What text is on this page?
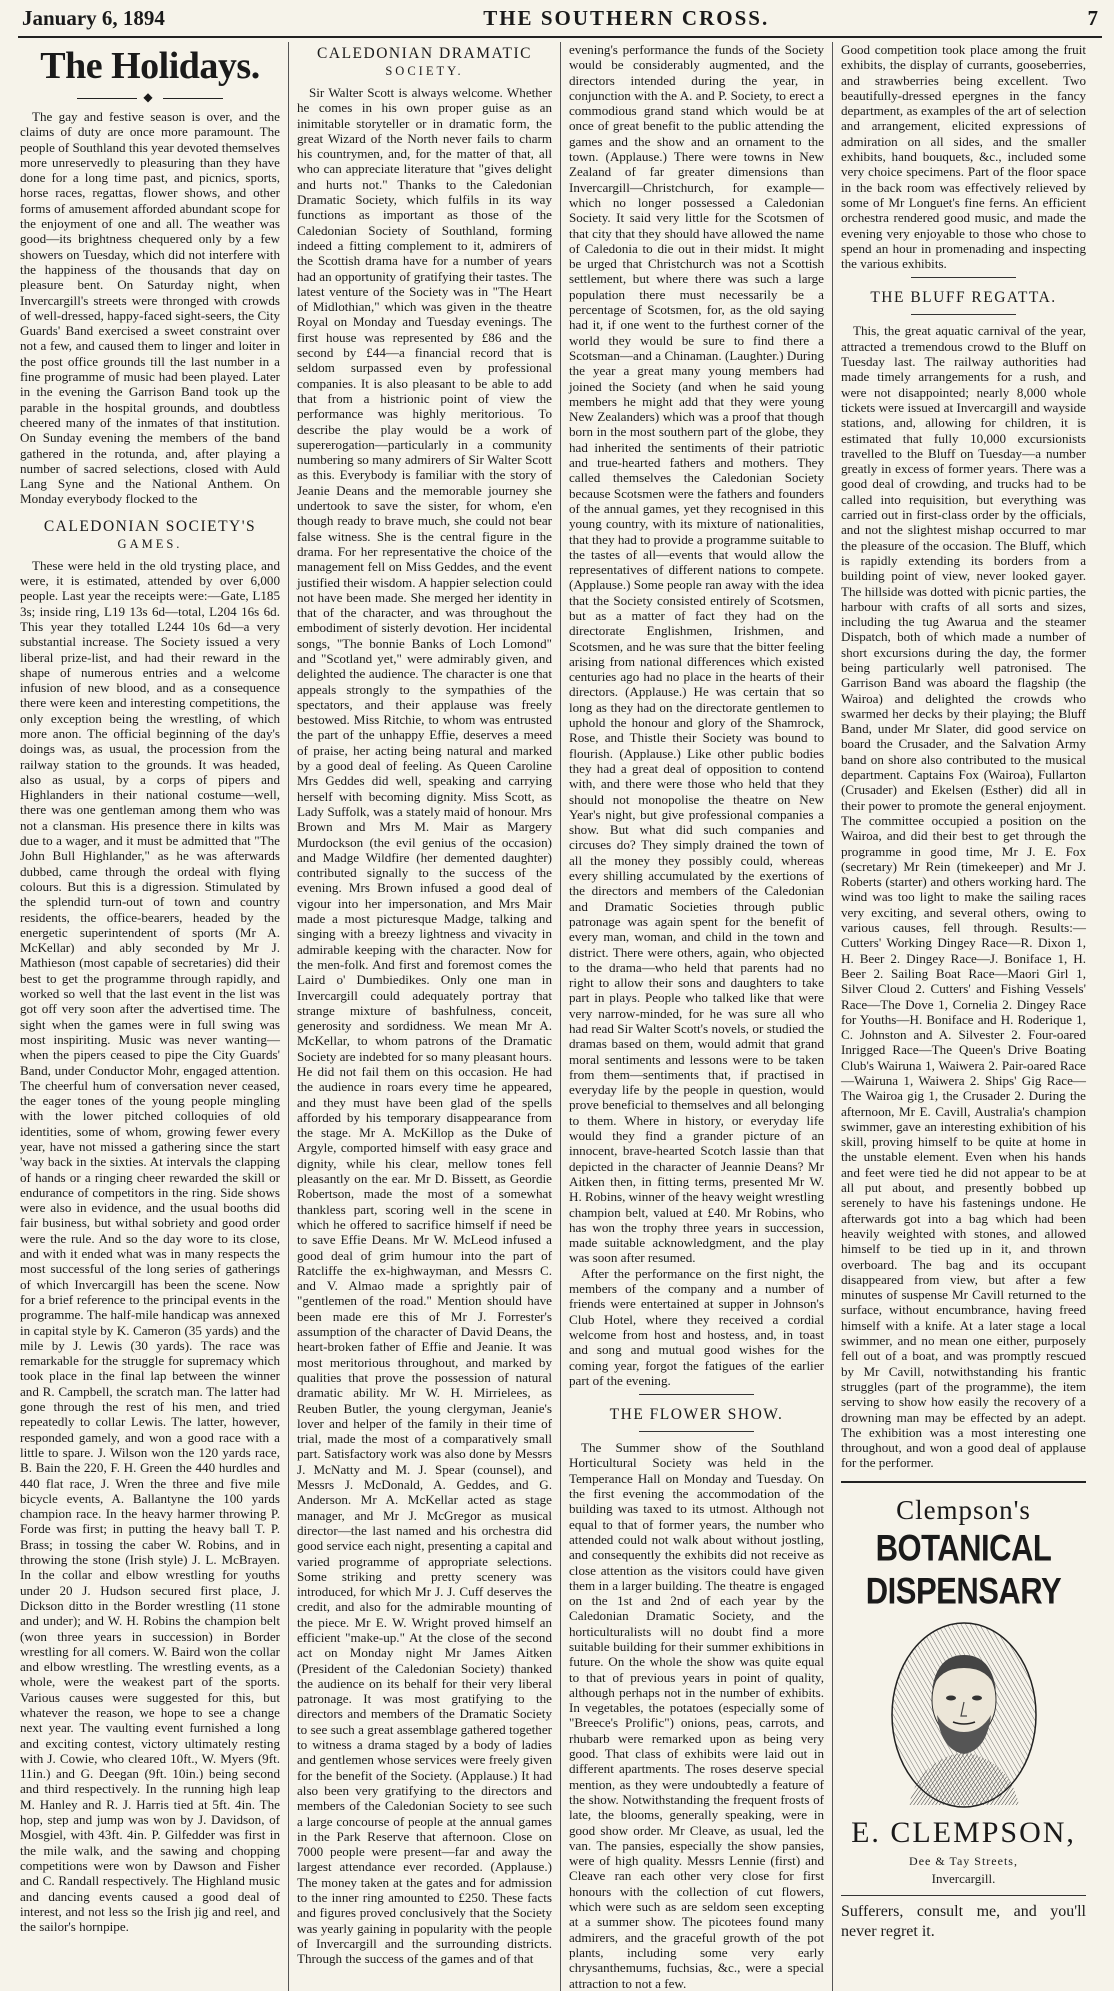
January 6, 1894	THE SOUTHERN CROSS.	7
The Holidays.
◆

The gay and festive season is over, and the claims of duty are once more paramount. The people of Southland this year devoted themselves more unreservedly to pleasuring than they have done for a long time past, and picnics, sports, horse races, regattas, flower shows, and other forms of amusement afforded abundant scope for the enjoyment of one and all. The weather was good—its brightness chequered only by a few showers on Tuesday, which did not interfere with the happiness of the thousands that day on pleasure bent. On Saturday night, when Invercargill's streets were thronged with crowds of well-dressed, happy-faced sight-seers, the City Guards' Band exercised a sweet constraint over not a few, and caused them to linger and loiter in the post office grounds till the last number in a fine programme of music had been played. Later in the evening the Garrison Band took up the parable in the hospital grounds, and doubtless cheered many of the inmates of that institution. On Sunday evening the members of the band gathered in the rotunda, and, after playing a number of sacred selections, closed with Auld Lang Syne and the National Anthem. On Monday everybody flocked to the

CALEDONIAN SOCIETY'S
GAMES.

These were held in the old trysting place, and were, it is estimated, attended by over 6,000 people. Last year the receipts were:—Gate, L185 3s; inside ring, L19 13s 6d—total, L204 16s 6d. This year they totalled L244 10s 6d—a very substantial increase. The Society issued a very liberal prize-list, and had their reward in the shape of numerous entries and a welcome infusion of new blood, and as a consequence there were keen and interesting competitions, the only exception being the wrestling, of which more anon. The official beginning of the day's doings was, as usual, the procession from the railway station to the grounds. It was headed, also as usual, by a corps of pipers and Highlanders in their national costume—well, there was one gentleman among them who was not a clansman. His presence there in kilts was due to a wager, and it must be admitted that "The John Bull Highlander," as he was afterwards dubbed, came through the ordeal with flying colours. But this is a digression. Stimulated by the splendid turn-out of town and country residents, the office-bearers, headed by the energetic superintendent of sports (Mr A. McKellar) and ably seconded by Mr J. Mathieson (most capable of secretaries) did their best to get the programme through rapidly, and worked so well that the last event in the list was got off very soon after the advertised time. The sight when the games were in full swing was most inspiriting. Music was never wanting—when the pipers ceased to pipe the City Guards' Band, under Conductor Mohr, engaged attention. The cheerful hum of conversation never ceased, the eager tones of the young people mingling with the lower pitched colloquies of old identities, some of whom, growing fewer every year, have not missed a gathering since the start 'way back in the sixties. At intervals the clapping of hands or a ringing cheer rewarded the skill or endurance of competitors in the ring. Side shows were also in evidence, and the usual booths did fair business, but withal sobriety and good order were the rule. And so the day wore to its close, and with it ended what was in many respects the most successful of the long series of gatherings of which Invercargill has been the scene. Now for a brief reference to the principal events in the programme. The half-mile handicap was annexed in capital style by K. Cameron (35 yards) and the mile by J. Lewis (30 yards). The race was remarkable for the struggle for supremacy which took place in the final lap between the winner and R. Campbell, the scratch man. The latter had gone through the rest of his men, and tried repeatedly to collar Lewis. The latter, however, responded gamely, and won a good race with a little to spare. J. Wilson won the 120 yards race, B. Bain the 220, F. H. Green the 440 hurdles and 440 flat race, J. Wren the three and five mile bicycle events, A. Ballantyne the 100 yards champion race. In the heavy harmer throwing P. Forde was first; in putting the heavy ball T. P. Brass; in tossing the caber W. Robins, and in throwing the stone (Irish style) J. L. McBrayen. In the collar and elbow wrestling for youths under 20 J. Hudson secured first place, J. Dickson ditto in the Border wrestling (11 stone and under); and W. H. Robins the champion belt (won three years in succession) in Border wrestling for all comers. W. Baird won the collar and elbow wrestling. The wrestling events, as a whole, were the weakest part of the sports. Various causes were suggested for this, but whatever the reason, we hope to see a change next year. The vaulting event furnished a long and exciting contest, victory ultimately resting with J. Cowie, who cleared 10ft., W. Myers (9ft. 11in.) and G. Deegan (9ft. 10in.) being second and third respectively. In the running high leap M. Hanley and R. J. Harris tied at 5ft. 4in. The hop, step and jump was won by J. Davidson, of Mosgiel, with 43ft. 4in. P. Gilfedder was first in the mile walk, and the sawing and chopping competitions were won by Dawson and Fisher and C. Randall respectively. The Highland music and dancing events caused a good deal of interest, and not less so the Irish jig and reel, and the sailor's hornpipe.

CALEDONIAN DRAMATIC
SOCIETY.

Sir Walter Scott is always welcome. Whether he comes in his own proper guise as an inimitable storyteller or in dramatic form, the great Wizard of the North never fails to charm his countrymen, and, for the matter of that, all who can appreciate literature that "gives delight and hurts not." Thanks to the Caledonian Dramatic Society, which fulfils in its way functions as important as those of the Caledonian Society of Southland, forming indeed a fitting complement to it, admirers of the Scottish drama have for a number of years had an opportunity of gratifying their tastes. The latest venture of the Society was in "The Heart of Midlothian," which was given in the theatre Royal on Monday and Tuesday evenings. The first house was represented by £86 and the second by £44—a financial record that is seldom surpassed even by professional companies. It is also pleasant to be able to add that from a histrionic point of view the performance was highly meritorious. To describe the play would be a work of supererogation—particularly in a community numbering so many admirers of Sir Walter Scott as this. Everybody is familiar with the story of Jeanie Deans and the memorable journey she undertook to save the sister, for whom, e'en though ready to brave much, she could not bear false witness. She is the central figure in the drama. For her representative the choice of the management fell on Miss Geddes, and the event justified their wisdom. A happier selection could not have been made. She merged her identity in that of the character, and was throughout the embodiment of sisterly devotion. Her incidental songs, "The bonnie Banks of Loch Lomond" and "Scotland yet," were admirably given, and delighted the audience. The character is one that appeals strongly to the sympathies of the spectators, and their applause was freely bestowed. Miss Ritchie, to whom was entrusted the part of the unhappy Effie, deserves a meed of praise, her acting being natural and marked by a good deal of feeling. As Queen Caroline Mrs Geddes did well, speaking and carrying herself with becoming dignity. Miss Scott, as Lady Suffolk, was a stately maid of honour. Mrs Brown and Mrs M. Mair as Margery Murdockson (the evil genius of the occasion) and Madge Wildfire (her demented daughter) contributed signally to the success of the evening. Mrs Brown infused a good deal of vigour into her impersonation, and Mrs Mair made a most picturesque Madge, talking and singing with a breezy lightness and vivacity in admirable keeping with the character. Now for the men-folk. And first and foremost comes the Laird o' Dumbiedikes. Only one man in Invercargill could adequately portray that strange mixture of bashfulness, conceit, generosity and sordidness. We mean Mr A. McKellar, to whom patrons of the Dramatic Society are indebted for so many pleasant hours. He did not fail them on this occasion. He had the audience in roars every time he appeared, and they must have been glad of the spells afforded by his temporary disappearance from the stage. Mr A. McKillop as the Duke of Argyle, comported himself with easy grace and dignity, while his clear, mellow tones fell pleasantly on the ear. Mr D. Bissett, as Geordie Robertson, made the most of a somewhat thankless part, scoring well in the scene in which he offered to sacrifice himself if need be to save Effie Deans. Mr W. McLeod infused a good deal of grim humour into the part of Ratcliffe the ex-highwayman, and Messrs C. and V. Almao made a sprightly pair of "gentlemen of the road." Mention should have been made ere this of Mr J. Forrester's assumption of the character of David Deans, the heart-broken father of Effie and Jeanie. It was most meritorious throughout, and marked by qualities that prove the possession of natural dramatic ability. Mr W. H. Mirrielees, as Reuben Butler, the young clergyman, Jeanie's lover and helper of the family in their time of trial, made the most of a comparatively small part. Satisfactory work was also done by Messrs J. McNatty and M. J. Spear (counsel), and Messrs J. McDonald, A. Geddes, and G. Anderson. Mr A. McKellar acted as stage manager, and Mr J. McGregor as musical director—the last named and his orchestra did good service each night, presenting a capital and varied programme of appropriate selections. Some striking and pretty scenery was introduced, for which Mr J. J. Cuff deserves the credit, and also for the admirable mounting of the piece. Mr E. W. Wright proved himself an efficient "make-up." At the close of the second act on Monday night Mr James Aitken (President of the Caledonian Society) thanked the audience on its behalf for their very liberal patronage. It was most gratifying to the directors and members of the Dramatic Society to see such a great assemblage gathered together to witness a drama staged by a body of ladies and gentlemen whose services were freely given for the benefit of the Society. (Applause.) It had also been very gratifying to the directors and members of the Caledonian Society to see such a large concourse of people at the annual games in the Park Reserve that afternoon. Close on 7000 people were present—far and away the largest attendance ever recorded. (Applause.) The money taken at the gates and for admission to the inner ring amounted to £250. These facts and figures proved conclusively that the Society was yearly gaining in popularity with the people of Invercargill and the surrounding districts. Through the success of the games and of that

evening's performance the funds of the Society would be considerably augmented, and the directors intended during the year, in conjunction with the A. and P. Society, to erect a commodious grand stand which would be at once of great benefit to the public attending the games and the show and an ornament to the town. (Applause.) There were towns in New Zealand of far greater dimensions than Invercargill—Christchurch, for example—which no longer possessed a Caledonian Society. It said very little for the Scotsmen of that city that they should have allowed the name of Caledonia to die out in their midst. It might be urged that Christchurch was not a Scottish settlement, but where there was such a large population there must necessarily be a percentage of Scotsmen, for, as the old saying had it, if one went to the furthest corner of the world they would be sure to find there a Scotsman—and a Chinaman. (Laughter.) During the year a great many young members had joined the Society (and when he said young members he might add that they were young New Zealanders) which was a proof that though born in the most southern part of the globe, they had inherited the sentiments of their patriotic and true-hearted fathers and mothers. They called themselves the Caledonian Society because Scotsmen were the fathers and founders of the annual games, yet they recognised in this young country, with its mixture of nationalities, that they had to provide a programme suitable to the tastes of all—events that would allow the representatives of different nations to compete. (Applause.) Some people ran away with the idea that the Society consisted entirely of Scotsmen, but as a matter of fact they had on the directorate Englishmen, Irishmen, and Scotsmen, and he was sure that the bitter feeling arising from national differences which existed centuries ago had no place in the hearts of their directors. (Applause.) He was certain that so long as they had on the directorate gentlemen to uphold the honour and glory of the Shamrock, Rose, and Thistle their Society was bound to flourish. (Applause.) Like other public bodies they had a great deal of opposition to contend with, and there were those who held that they should not monopolise the theatre on New Year's night, but give professional companies a show. But what did such companies and circuses do? They simply drained the town of all the money they possibly could, whereas every shilling accumulated by the exertions of the directors and members of the Caledonian and Dramatic Societies through public patronage was again spent for the benefit of every man, woman, and child in the town and district. There were others, again, who objected to the drama—who held that parents had no right to allow their sons and daughters to take part in plays. People who talked like that were very narrow-minded, for he was sure all who had read Sir Walter Scott's novels, or studied the dramas based on them, would admit that grand moral sentiments and lessons were to be taken from them—sentiments that, if practised in everyday life by the people in question, would prove beneficial to themselves and all belonging to them. Where in history, or everyday life would they find a grander picture of an innocent, brave-hearted Scotch lassie than that depicted in the character of Jeannie Deans? Mr Aitken then, in fitting terms, presented Mr W. H. Robins, winner of the heavy weight wrestling champion belt, valued at £40. Mr Robins, who has won the trophy three years in succession, made suitable acknowledgment, and the play was soon after resumed.

After the performance on the first night, the members of the company and a number of friends were entertained at supper in Johnson's Club Hotel, where they received a cordial welcome from host and hostess, and, in toast and song and mutual good wishes for the coming year, forgot the fatigues of the earlier part of the evening.

THE FLOWER SHOW.

The Summer show of the Southland Horticultural Society was held in the Temperance Hall on Monday and Tuesday. On the first evening the accommodation of the building was taxed to its utmost. Although not equal to that of former years, the number who attended could not walk about without jostling, and consequently the exhibits did not receive as close attention as the visitors could have given them in a larger building. The theatre is engaged on the 1st and 2nd of each year by the Caledonian Dramatic Society, and the horticulturalists will no doubt find a more suitable building for their summer exhibitions in future. On the whole the show was quite equal to that of previous years in point of quality, although perhaps not in the number of exhibits. In vegetables, the potatoes (especially some of "Breece's Prolific") onions, peas, carrots, and rhubarb were remarked upon as being very good. That class of exhibits were laid out in different apartments. The roses deserve special mention, as they were undoubtedly a feature of the show. Notwithstanding the frequent frosts of late, the blooms, generally speaking, were in good show order. Mr Cleave, as usual, led the van. The pansies, especially the show pansies, were of high quality. Messrs Lennie (first) and Cleave ran each other very close for first honours with the collection of cut flowers, which were such as are seldom seen excepting at a summer show. The picotees found many admirers, and the graceful growth of the pot plants, including some very early chrysanthemums, fuchsias, &c., were a special attraction to not a few.

Good competition took place among the fruit exhibits, the display of currants, gooseberries, and strawberries being excellent. Two beautifully-dressed epergnes in the fancy department, as examples of the art of selection and arrangement, elicited expressions of admiration on all sides, and the smaller exhibits, hand bouquets, &c., included some very choice specimens. Part of the floor space in the back room was effectively relieved by some of Mr Longuet's fine ferns. An efficient orchestra rendered good music, and made the evening very enjoyable to those who chose to spend an hour in promenading and inspecting the various exhibits.

THE BLUFF REGATTA.

This, the great aquatic carnival of the year, attracted a tremendous crowd to the Bluff on Tuesday last. The railway authorities had made timely arrangements for a rush, and were not disappointed; nearly 8,000 whole tickets were issued at Invercargill and wayside stations, and, allowing for children, it is estimated that fully 10,000 excursionists travelled to the Bluff on Tuesday—a number greatly in excess of former years. There was a good deal of crowding, and trucks had to be called into requisition, but everything was carried out in first-class order by the officials, and not the slightest mishap occurred to mar the pleasure of the occasion. The Bluff, which is rapidly extending its borders from a building point of view, never looked gayer. The hillside was dotted with picnic parties, the harbour with crafts of all sorts and sizes, including the tug Awarua and the steamer Dispatch, both of which made a number of short excursions during the day, the former being particularly well patronised. The Garrison Band was aboard the flagship (the Wairoa) and delighted the crowds who swarmed her decks by their playing; the Bluff Band, under Mr Slater, did good service on board the Crusader, and the Salvation Army band on shore also contributed to the musical department. Captains Fox (Wairoa), Fullarton (Crusader) and Ekelsen (Esther) did all in their power to promote the general enjoyment. The committee occupied a position on the Wairoa, and did their best to get through the programme in good time, Mr J. E. Fox (secretary) Mr Rein (timekeeper) and Mr J. Roberts (starter) and others working hard. The wind was too light to make the sailing races very exciting, and several others, owing to various causes, fell through. Results:—Cutters' Working Dingey Race—R. Dixon 1, H. Beer 2. Dingey Race—J. Boniface 1, H. Beer 2. Sailing Boat Race—Maori Girl 1, Silver Cloud 2. Cutters' and Fishing Vessels' Race—The Dove 1, Cornelia 2. Dingey Race for Youths—H. Boniface and H. Roderique 1, C. Johnston and A. Silvester 2. Four-oared Inrigged Race—The Queen's Drive Boating Club's Wairuna 1, Waiwera 2. Pair-oared Race—Wairuna 1, Waiwera 2. Ships' Gig Race—The Wairoa gig 1, the Crusader 2. During the afternoon, Mr E. Cavill, Australia's champion swimmer, gave an interesting exhibition of his skill, proving himself to be quite at home in the unstable element. Even when his hands and feet were tied he did not appear to be at all put about, and presently bobbed up serenely to have his fastenings undone. He afterwards got into a bag which had been heavily weighted with stones, and allowed himself to be tied up in it, and thrown overboard. The bag and its occupant disappeared from view, but after a few minutes of suspense Mr Cavill returned to the surface, without encumbrance, having freed himself with a knife. At a later stage a local swimmer, and no mean one either, purposely fell out of a boat, and was promptly rescued by Mr Cavill, notwithstanding his frantic struggles (part of the programme), the item serving to show how easily the recovery of a drowning man may be effected by an adept. The exhibition was a most interesting one throughout, and won a good deal of applause for the performer.

Clempson's
BOTANICAL DISPENSARY
E. CLEMPSON,
Dee & Tay Streets,
Invercargill.
Sufferers, consult me, and you'll never regret it.
